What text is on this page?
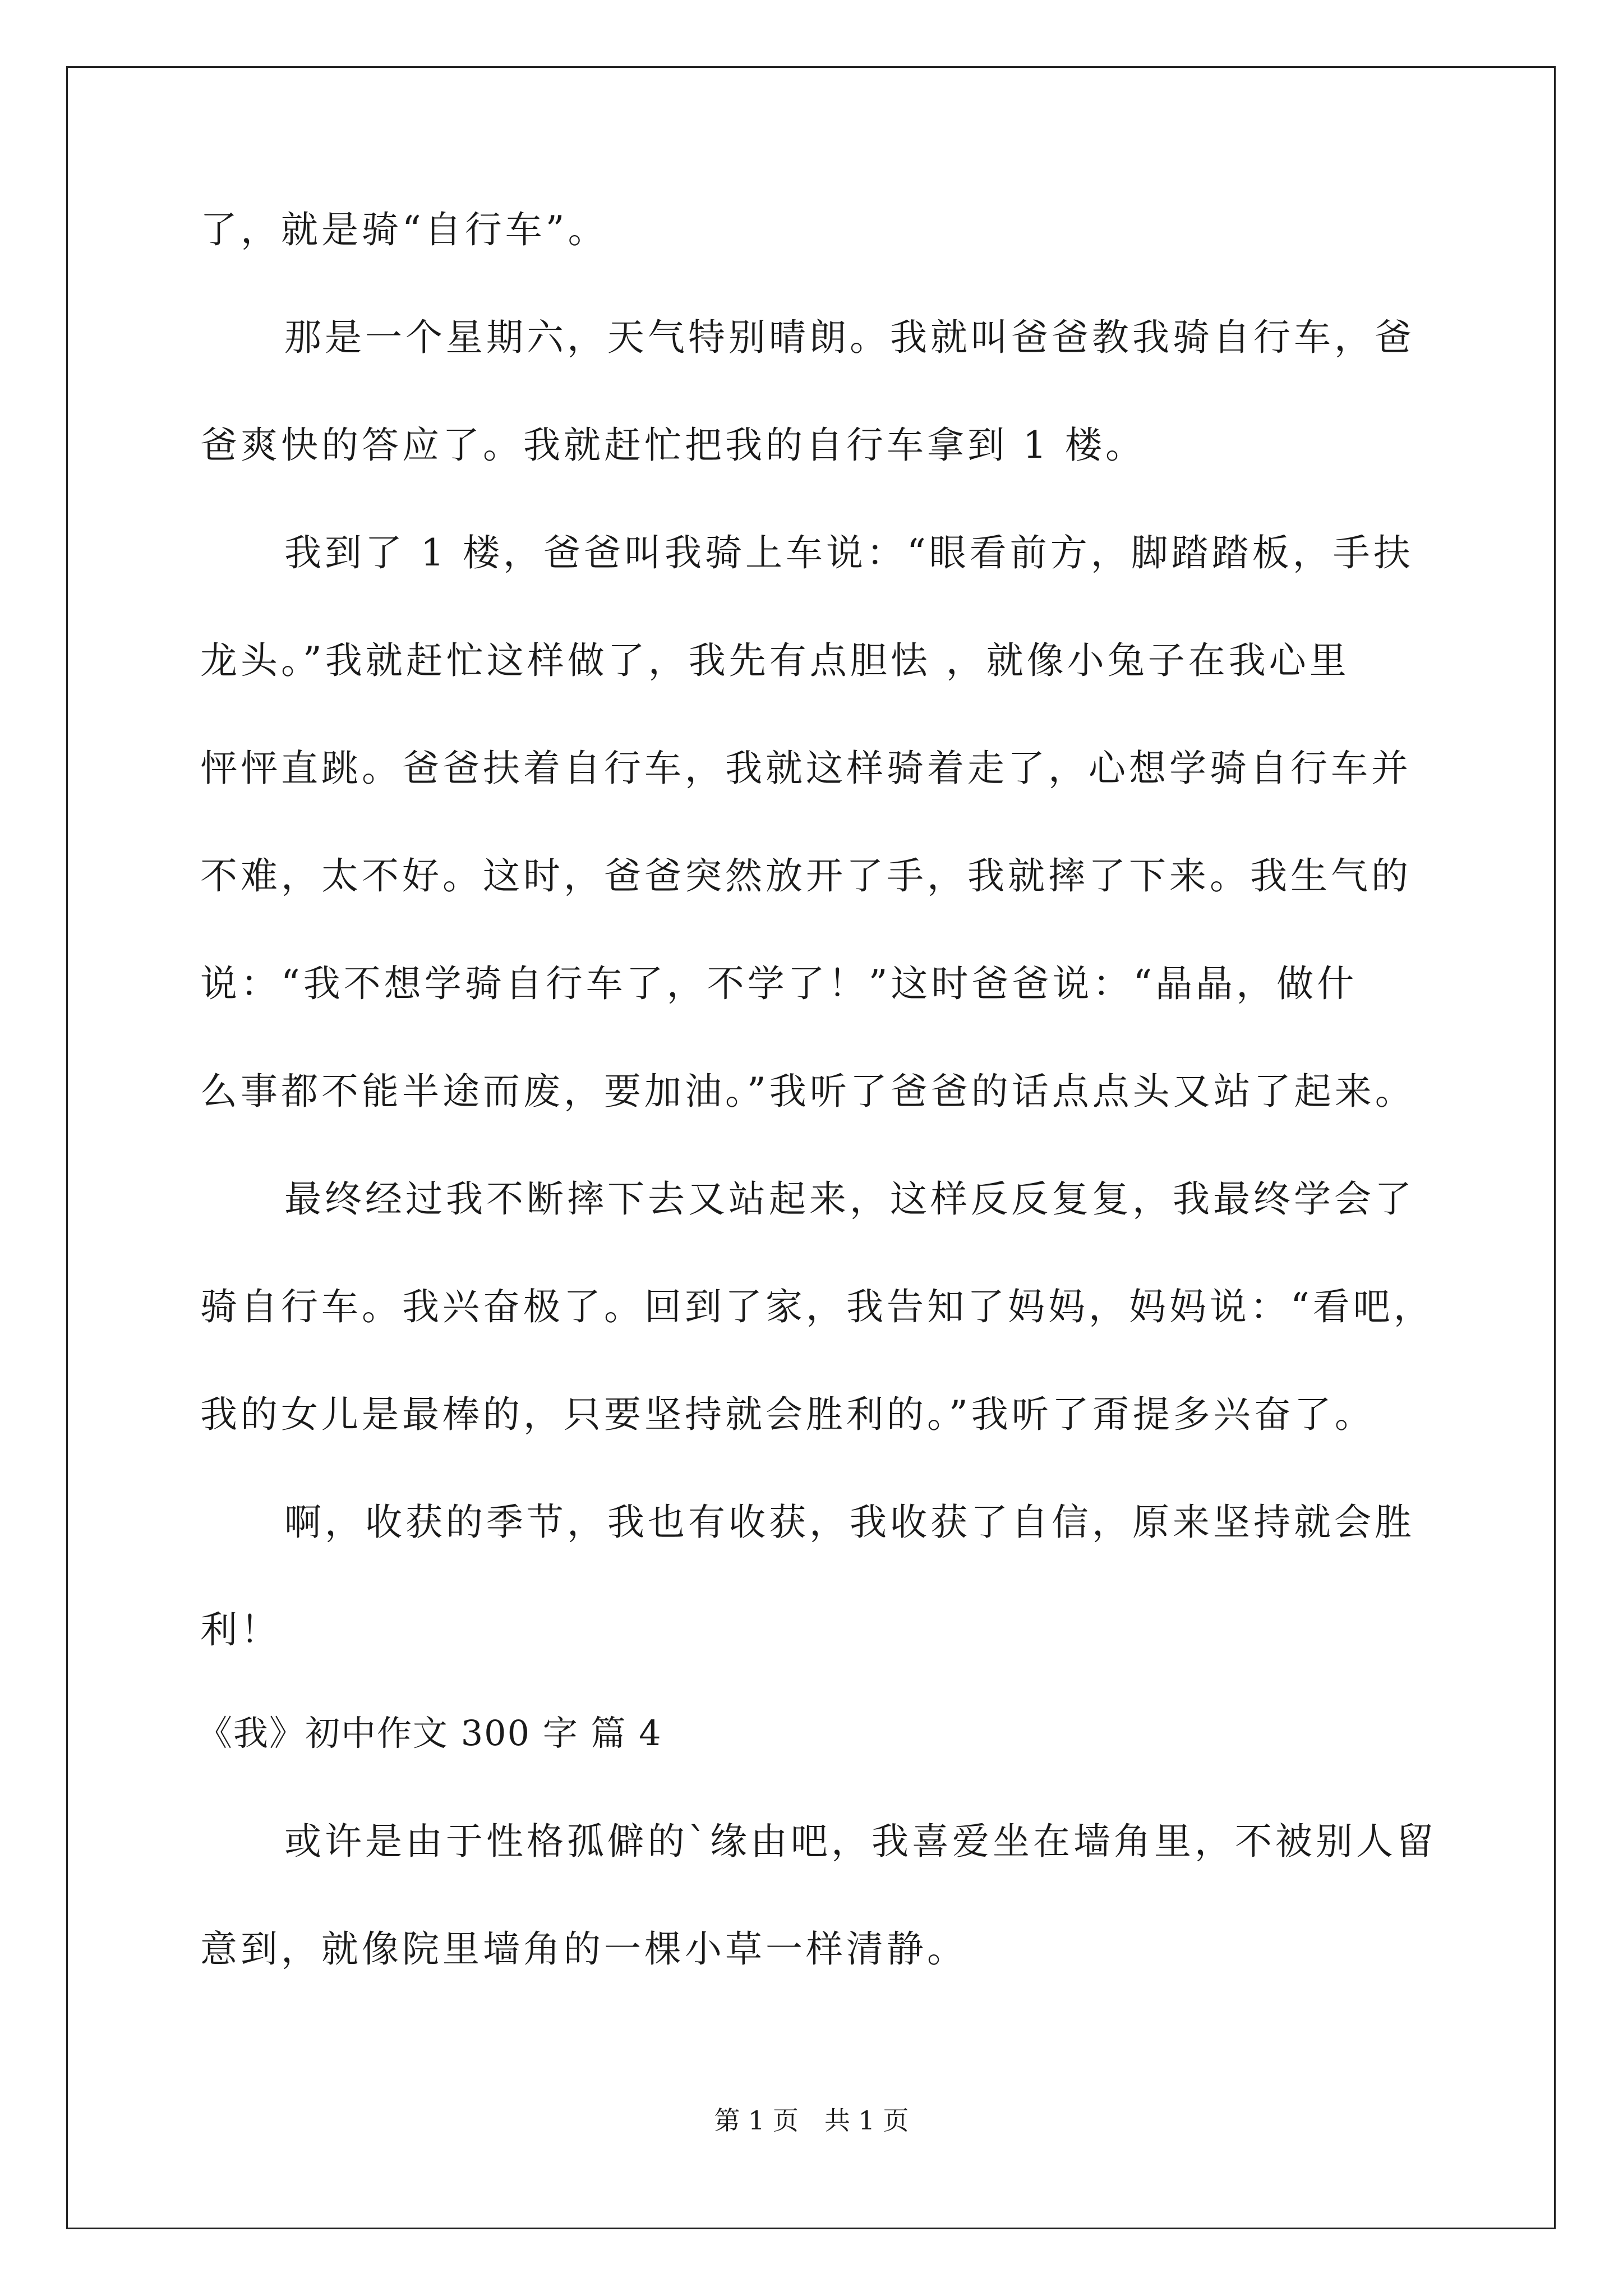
了，就是骑“自行车”。
那是一个星期六，天气特别晴朗。我就叫爸爸教我骑自行车，爸
爸爽快的答应了。我就赶忙把我的自行车拿到 1 楼。
我到了 1 楼，爸爸叫我骑上车说：“眼看前方，脚踏踏板，手扶
龙头。”我就赶忙这样做了，我先有点胆怯 ，就像小兔子在我心里
怦怦直跳。爸爸扶着自行车，我就这样骑着走了，心想学骑自行车并
不难，太不好。这时，爸爸突然放开了手，我就摔了下来。我生气的
说：“我不想学骑自行车了，不学了！”这时爸爸说：“晶晶，做什
么事都不能半途而废，要加油。”我听了爸爸的话点点头又站了起来。
最终经过我不断摔下去又站起来，这样反反复复，我最终学会了
骑自行车。我兴奋极了。回到了家，我告知了妈妈，妈妈说：“看吧，
我的女儿是最棒的，只要坚持就会胜利的。”我听了甭提多兴奋了。
啊，收获的季节，我也有收获，我收获了自信，原来坚持就会胜
利！
《我》初中作文 300 字 篇 4
或许是由于性格孤僻的`缘由吧，我喜爱坐在墙角里，不被别人留
意到，就像院里墙角的一棵小草一样清静。
第 1 页　共 1 页
